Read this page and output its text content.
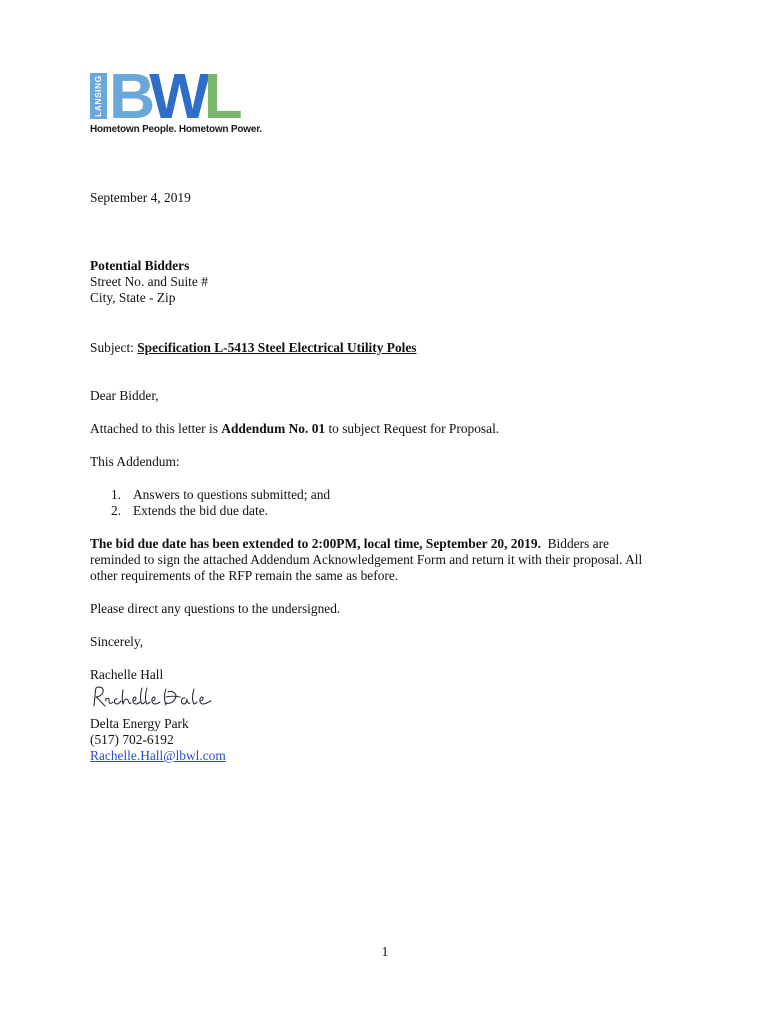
LANSING BWL
Hometown People. Hometown Power.
September 4, 2019
Potential Bidders
Street No. and Suite #
City, State - Zip
Subject: Specification L-5413 Steel Electrical Utility Poles
Dear Bidder,
Attached to this letter is Addendum No. 01 to subject Request for Proposal.
This Addendum:
1. Answers to questions submitted; and
2. Extends the bid due date.
The bid due date has been extended to 2:00PM, local time, September 20, 2019.  Bidders are
reminded to sign the attached Addendum Acknowledgement Form and return it with their proposal. All
other requirements of the RFP remain the same as before.
Please direct any questions to the undersigned.
Sincerely,
Rachelle Hall
Delta Energy Park
(517) 702-6192
Rachelle.Hall@lbwl.com
1
